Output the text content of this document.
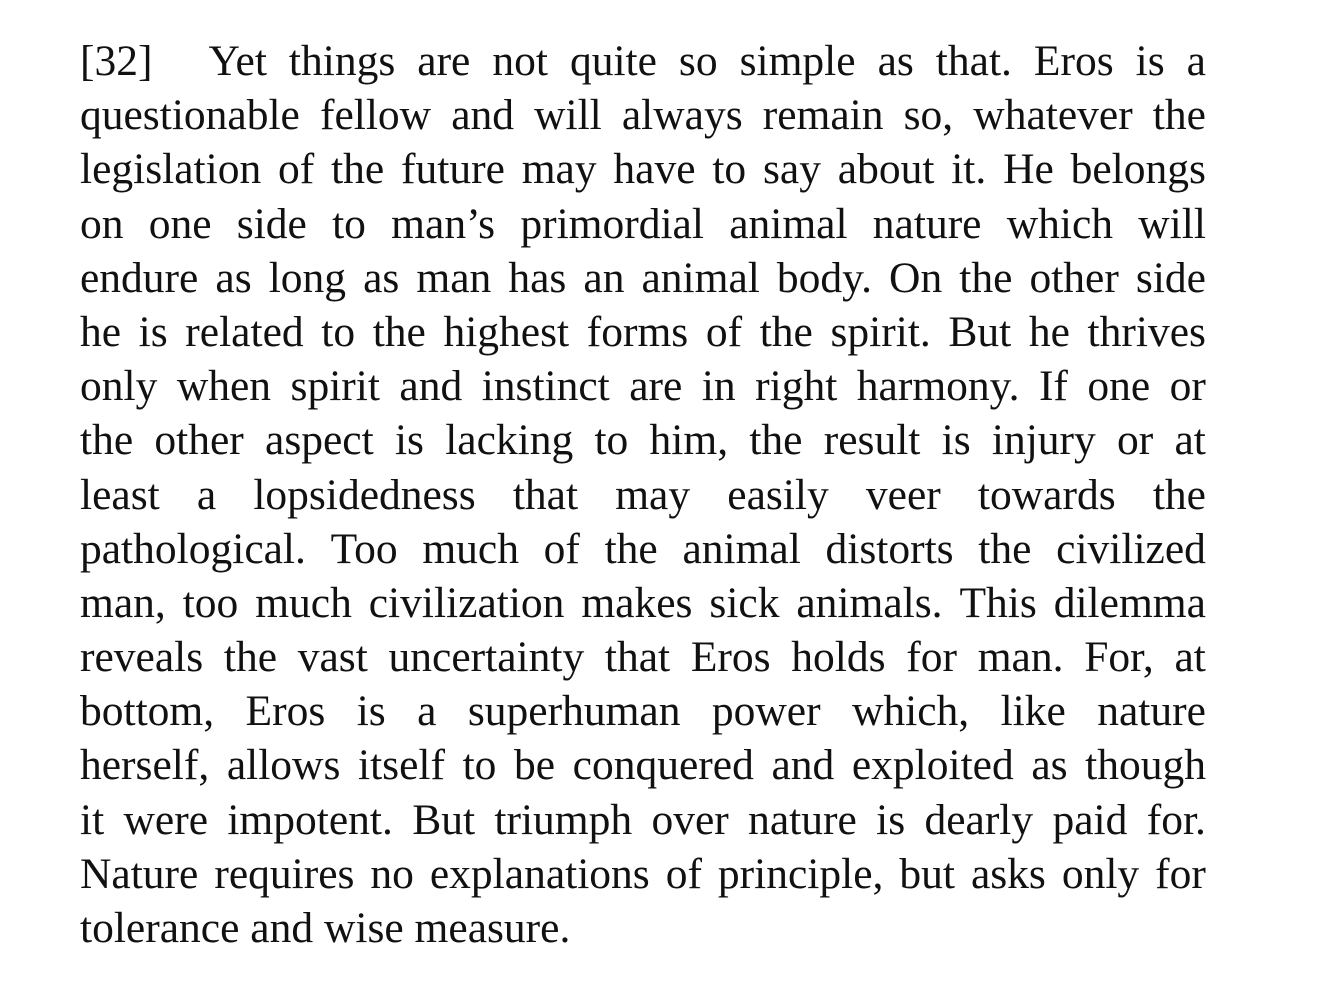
[32] Yet things are not quite so simple as that. Eros is a
questionable fellow and will always remain so, whatever the
legislation of the future may have to say about it. He belongs
on one side to man’s primordial animal nature which will
endure as long as man has an animal body. On the other side
he is related to the highest forms of the spirit. But he thrives
only when spirit and instinct are in right harmony. If one or
the other aspect is lacking to him, the result is injury or at
least a lopsidedness that may easily veer towards the
pathological. Too much of the animal distorts the civilized
man, too much civilization makes sick animals. This dilemma
reveals the vast uncertainty that Eros holds for man. For, at
bottom, Eros is a superhuman power which, like nature
herself, allows itself to be conquered and exploited as though
it were impotent. But triumph over nature is dearly paid for.
Nature requires no explanations of principle, but asks only for
tolerance and wise measure.
